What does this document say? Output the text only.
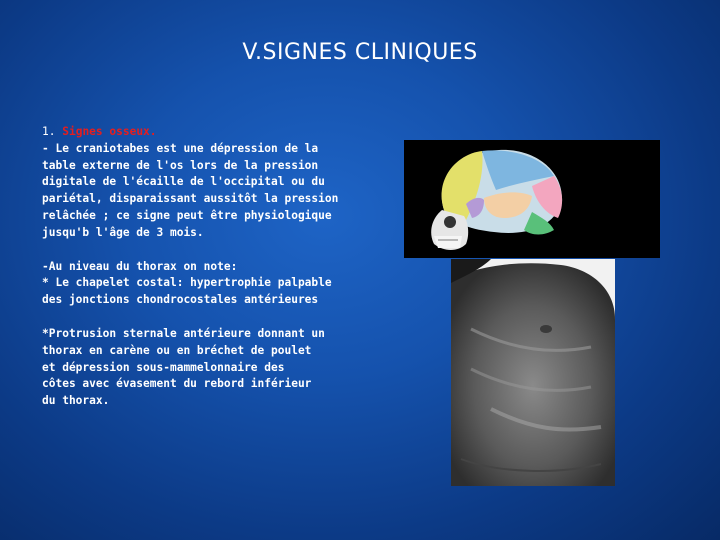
V.SIGNES CLINIQUES

1. Signes osseux.

- Le craniotabes est une dépression de la
table externe de l'os lors de la pression
digitale de l'écaille de l'occipital ou du
pariétal, disparaissant aussitôt la pression
relâchée ; ce signe peut être physiologique
jusqu'b l'âge de 3 mois.

-Au niveau du thorax on note:
* Le chapelet costal: hypertrophie palpable
des jonctions chondrocostales antérieures

*Protrusion sternale antérieure donnant un
thorax en carène ou en bréchet de poulet
et dépression sous-mammelonnaire des
côtes avec évasement du rebord inférieur
du thorax.
